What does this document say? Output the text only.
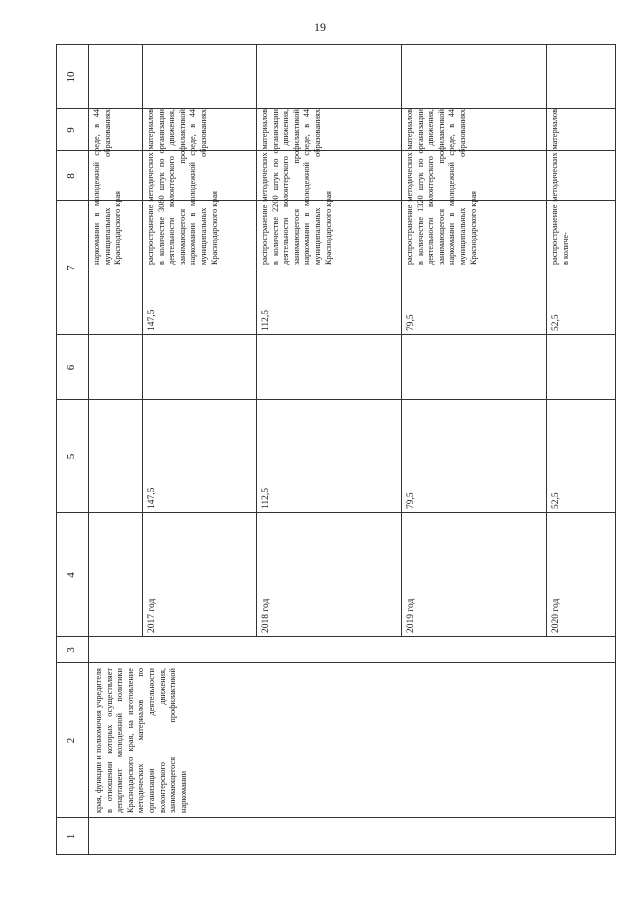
19
1
2
3
4
5
6
7
8
9
10
края, функции и полномочия учредителя в отношении которых осуществляет департамент молодежной политики Краснодарского края, на изготовление методических материалов по организации деятельности волонтерского движения, занимающегося профилактикой наркомании
наркомании в молодежной среде, в 44 муниципальных образованиях Краснодарского края
2017 год
147,5
147,5
распространение методических материалов в количестве 3080 штук по организации деятельности волонтерского движения, занимающегося профилактикой наркомании в молодежной среде, в 44 муниципальных образованиях Краснодарского края
2018 год
112,5
112,5
распространение методических материалов в количестве 2200 штук по организации деятельности волонтерского движения, занимающегося профилактикой наркомании в молодежной среде, в 44 муниципальных образованиях Краснодарского края
2019 год
79,5
79,5
распространение методических материалов в количестве 1320 штук по организации деятельности волонтерского движения, занимающегося профилактикой наркомании в молодежной среде, в 44 муниципальных образованиях Краснодарского края
2020 год
52,5
52,5
распространение методических материалов в количе-
